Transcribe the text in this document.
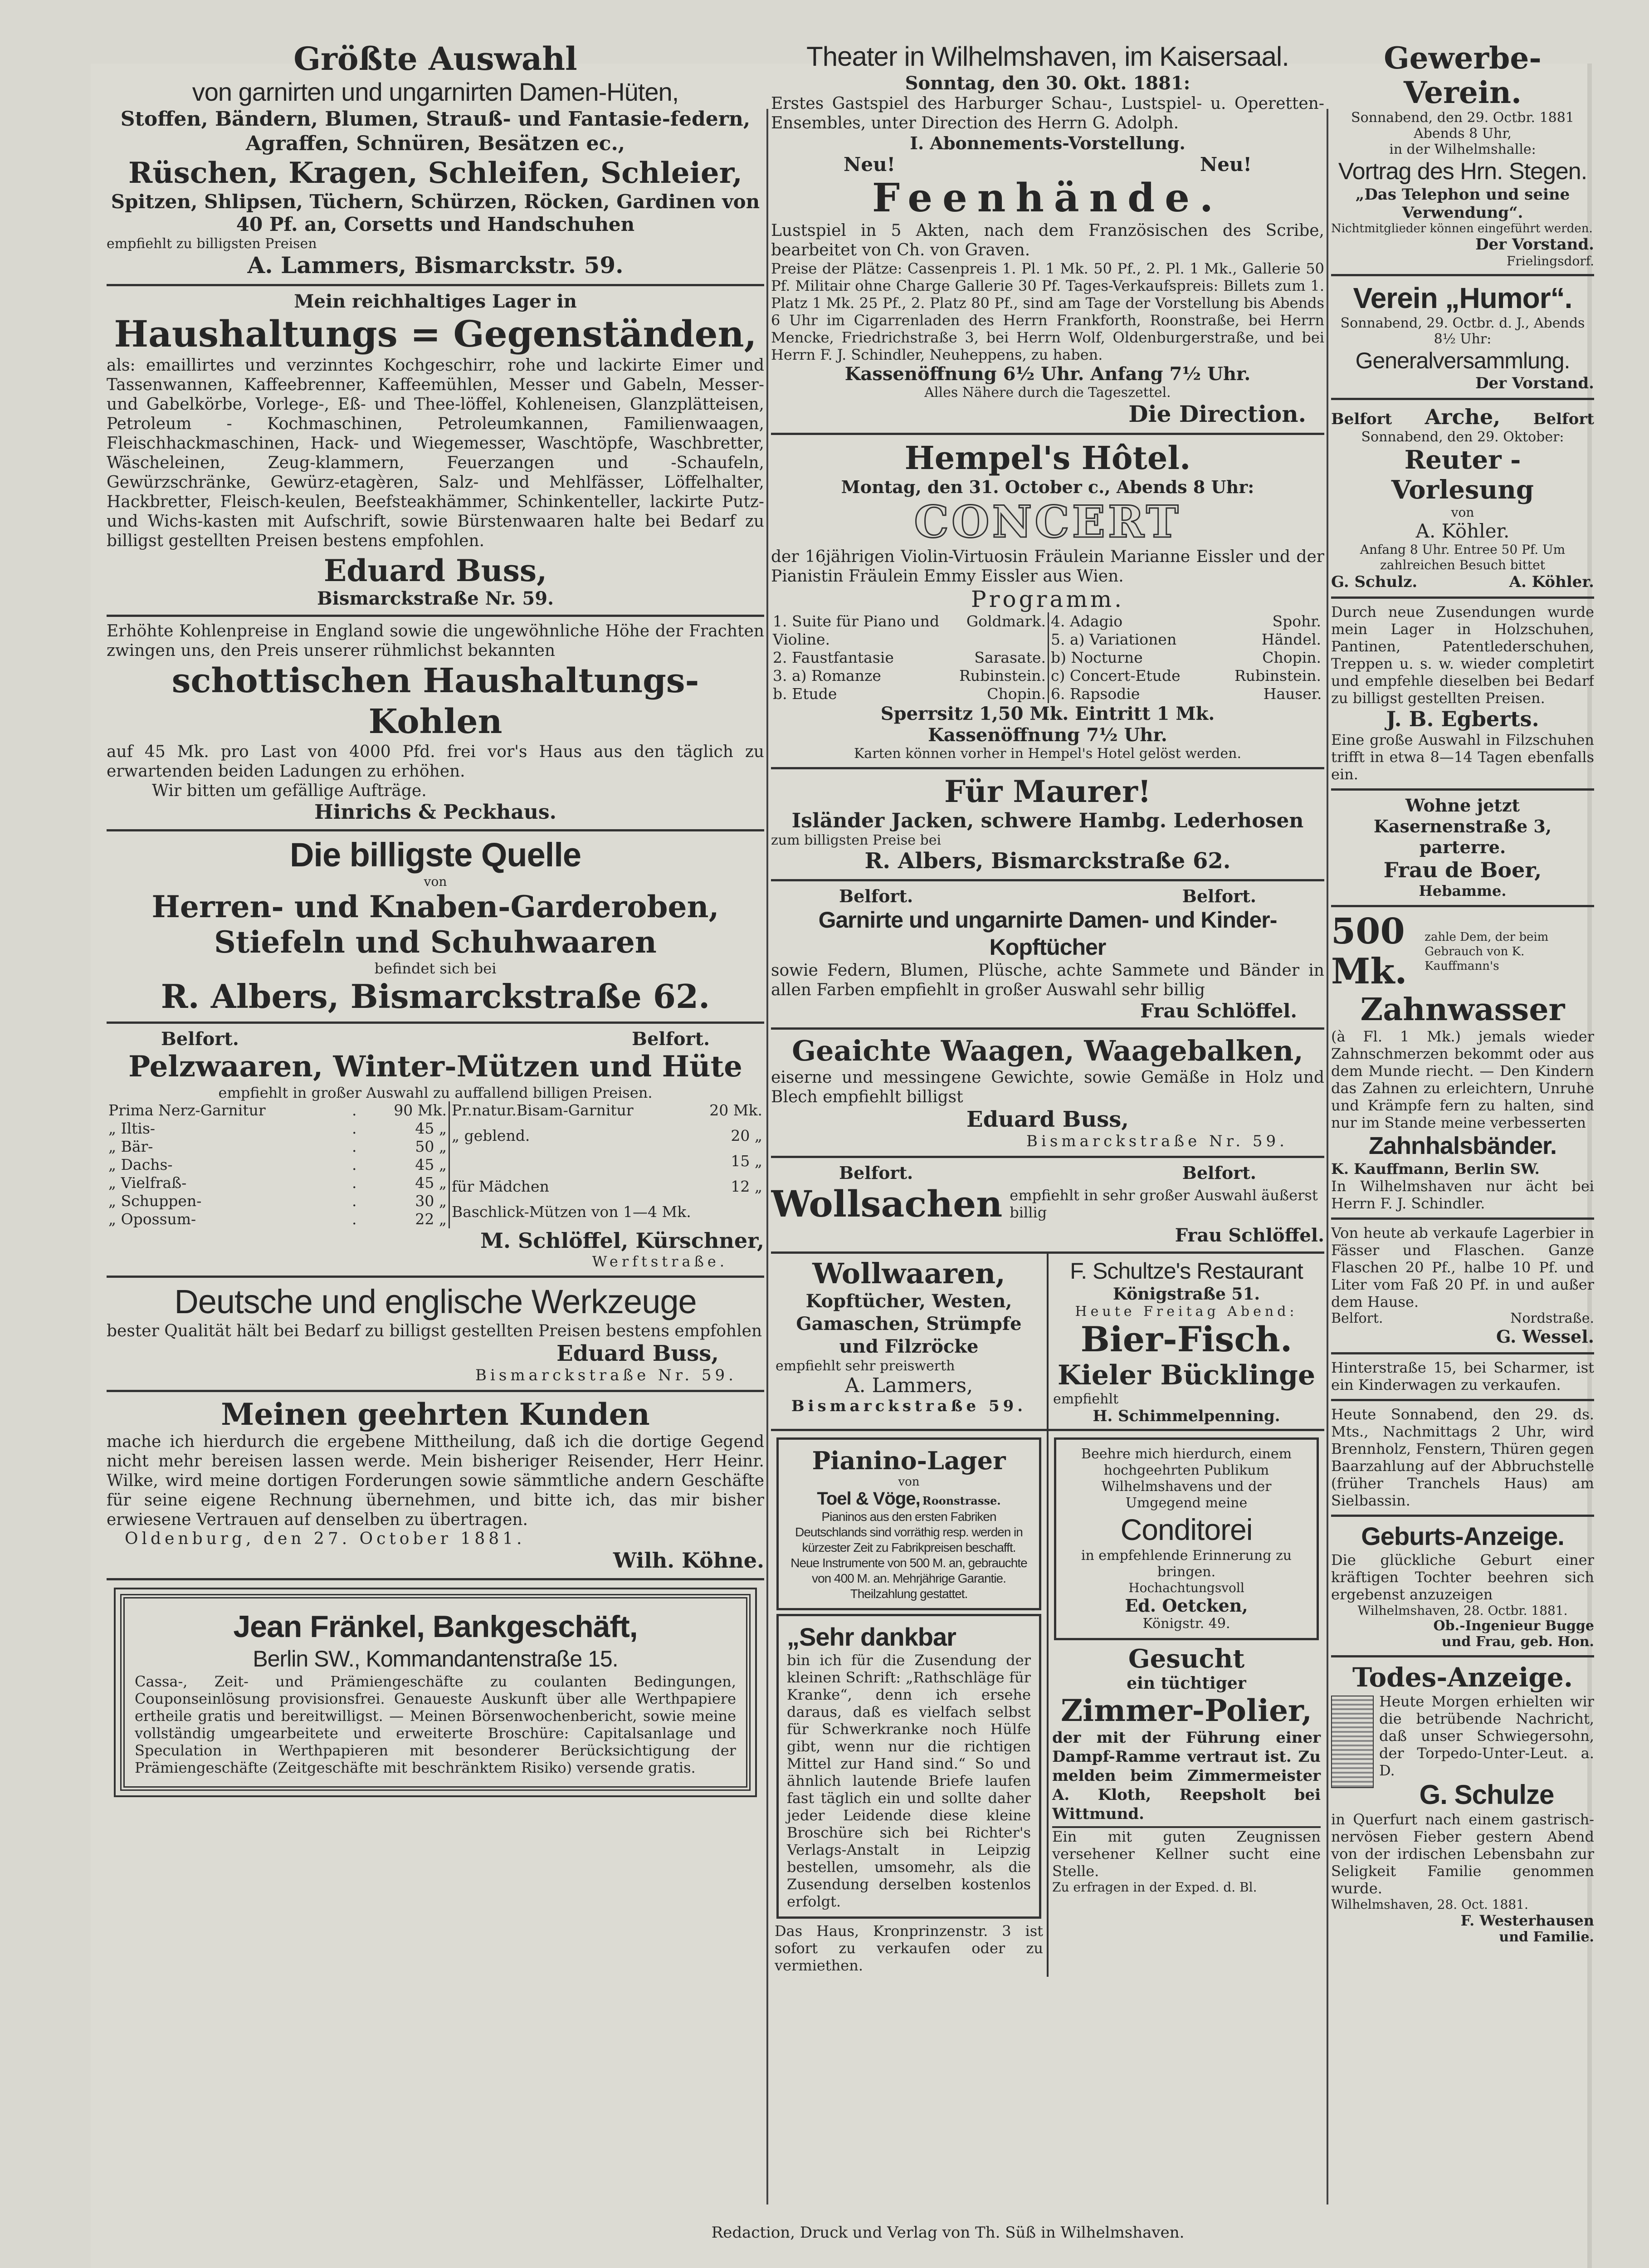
Größte Auswahl
von garnirten und ungarnirten Damen-Hüten,
Stoffen, Bändern, Blumen, Strauß- und Fantasie-federn, Agraffen, Schnüren, Besätzen ec.,
Rüschen, Kragen, Schleifen, Schleier,
Spitzen, Shlipsen, Tüchern, Schürzen, Röcken, Gardinen von 40 Pf. an, Corsetts und Handschuhen
empfiehlt zu billigsten Preisen
A. Lammers, Bismarckstr. 59.
Mein reichhaltiges Lager in
Haushaltungs = Gegenständen,

als: emaillirtes und verzinntes Kochgeschirr, rohe und lackirte Eimer und Tassenwannen, Kaffeebrenner, Kaffeemühlen, Messer und Gabeln, Messer- und Gabelkörbe, Vorlege-, Eß- und Thee-löffel, Kohleneisen, Glanzplätteisen, Petroleum - Kochmaschinen, Petroleumkannen, Familienwaagen, Fleischhackmaschinen, Hack- und Wiegemesser, Waschtöpfe, Waschbretter, Wäscheleinen, Zeug-klammern, Feuerzangen und -Schaufeln, Gewürzschränke, Gewürz-etagèren, Salz- und Mehlfässer, Löffelhalter, Hackbretter, Fleisch-keulen, Beefsteakhämmer, Schinkenteller, lackirte Putz- und Wichs-kasten mit Aufschrift, sowie Bürstenwaaren halte bei Bedarf zu billigst gestellten Preisen bestens empfohlen.

Eduard Buss,
Bismarckstraße Nr. 59.

Erhöhte Kohlenpreise in England sowie die ungewöhnliche Höhe der Frachten zwingen uns, den Preis unserer rühmlichst bekannten

schottischen Haushaltungs-Kohlen

auf 45 Mk. pro Last von 4000 Pfd. frei vor's Haus aus den täglich zu erwartenden beiden Ladungen zu erhöhen.

Wir bitten um gefällige Aufträge.

Hinrichs & Peckhaus.
Die billigste Quelle
von
Herren- und Knaben-Garderoben,
Stiefeln und Schuhwaaren
befindet sich bei
R. Albers, Bismarckstraße 62.
Belfort.	Belfort.
Pelzwaaren, Winter-Mützen und Hüte
empfiehlt in großer Auswahl zu auffallend billigen Preisen.
Prima Nerz-Garnitur	.	90 Mk.
„ Iltis-	.	45 „
„ Bär-	.	50 „
„ Dachs-	.	45 „
„ Vielfraß-	.	45 „
„ Schuppen-	.	30 „
„ Opossum-	.	22 „
Pr.natur.Bisam-Garnitur	20 Mk.
„ geblend.	20 „
	15 „
für Mädchen	12 „
Baschlick-Mützen von 1—4 Mk.	
M. Schlöffel, Kürschner,
Werftstraße.
Deutsche und englische Werkzeuge

bester Qualität hält bei Bedarf zu billigst gestellten Preisen bestens empfohlen

Eduard Buss,
Bismarckstraße Nr. 59.
Meinen geehrten Kunden

mache ich hierdurch die ergebene Mittheilung, daß ich die dortige Gegend nicht mehr bereisen lassen werde. Mein bisheriger Reisender, Herr Heinr. Wilke, wird meine dortigen Forderungen sowie sämmtliche andern Geschäfte für seine eigene Rechnung übernehmen, und bitte ich, das mir bisher erwiesene Vertrauen auf denselben zu übertragen.

Oldenburg, den 27. October 1881.
Wilh. Köhne.
Jean Fränkel, Bankgeschäft,
Berlin SW., Kommandantenstraße 15.

Cassa-, Zeit- und Prämiengeschäfte zu coulanten Bedingungen, Couponseinlösung provisionsfrei. Genaueste Auskunft über alle Werthpapiere ertheile gratis und bereitwilligst. — Meinen Börsenwochenbericht, sowie meine vollständig umgearbeitete und erweiterte Broschüre: Capitalsanlage und Speculation in Werthpapieren mit besonderer Berücksichtigung der Prämiengeschäfte (Zeitgeschäfte mit beschränktem Risiko) versende gratis.

Theater in Wilhelmshaven, im Kaisersaal.
Sonntag, den 30. Okt. 1881:

Erstes Gastspiel des Harburger Schau-, Lustspiel- u. Operetten-Ensembles, unter Direction des Herrn G. Adolph.

I. Abonnements-Vorstellung.
Neu!	Neu!
Feenhände.

Lustspiel in 5 Akten, nach dem Französischen des Scribe, bearbeitet von Ch. von Graven.

Preise der Plätze: Cassenpreis 1. Pl. 1 Mk. 50 Pf., 2. Pl. 1 Mk., Gallerie 50 Pf. Militair ohne Charge Gallerie 30 Pf. Tages-Verkaufspreis: Billets zum 1. Platz 1 Mk. 25 Pf., 2. Platz 80 Pf., sind am Tage der Vorstellung bis Abends 6 Uhr im Cigarrenladen des Herrn Frankforth, Roonstraße, bei Herrn Mencke, Friedrichstraße 3, bei Herrn Wolf, Oldenburgerstraße, und bei Herrn F. J. Schindler, Neuheppens, zu haben.

Kassenöffnung 6½ Uhr. Anfang 7½ Uhr.
Alles Nähere durch die Tageszettel.
Die Direction.
Hempel's Hôtel.
Montag, den 31. October c., Abends 8 Uhr:
CONCERT

der 16jährigen Violin-Virtuosin Fräulein Marianne Eissler und der Pianistin Fräulein Emmy Eissler aus Wien.

Programm.
1. Suite für Piano und Violine.	Goldmark.
2. Faustfantasie	Sarasate.
3. a) Romanze	Rubinstein.
b. Etude	Chopin.
4. Adagio	Spohr.
5. a) Variationen	Händel.
b) Nocturne	Chopin.
c) Concert-Etude	Rubinstein.
6. Rapsodie	Hauser.
Sperrsitz 1,50 Mk. Eintritt 1 Mk.
Kassenöffnung 7½ Uhr.
Karten können vorher in Hempel's Hotel gelöst werden.
Für Maurer!
Isländer Jacken, schwere Hambg. Lederhosen
zum billigsten Preise bei
R. Albers, Bismarckstraße 62.
Belfort.	Belfort.
Garnirte und ungarnirte Damen- und Kinder-Kopftücher

sowie Federn, Blumen, Plüsche, achte Sammete und Bänder in allen Farben empfiehlt in großer Auswahl sehr billig

Frau Schlöffel.
Geaichte Waagen, Waagebalken,

eiserne und messingene Gewichte, sowie Gemäße in Holz und Blech empfiehlt billigst

Eduard Buss,
Bismarckstraße Nr. 59.
Belfort.	Belfort.
Wollsachen empfiehlt in sehr großer Auswahl äußerst billig
Frau Schlöffel.
Wollwaaren,
Kopftücher, Westen, Gamaschen, Strümpfe und Filzröcke
empfiehlt sehr preiswerth
A. Lammers,
Bismarckstraße 59.
F. Schultze's Restaurant
Königstraße 51.
Heute Freitag Abend:
Bier-Fisch.
Kieler Bücklinge
empfiehlt
H. Schimmelpenning.
Pianino-Lager
von
Toel & Vöge, Roonstrasse.
Pianinos aus den ersten Fabriken Deutschlands sind vorräthig resp. werden in kürzester Zeit zu Fabrikpreisen beschafft. Neue Instrumente von 500 M. an, gebrauchte von 400 M. an. Mehrjährige Garantie. Theilzahlung gestattet.
„Sehr dankbar

bin ich für die Zusendung der kleinen Schrift: „Rathschläge für Kranke“, denn ich ersehe daraus, daß es vielfach selbst für Schwerkranke noch Hülfe gibt, wenn nur die richtigen Mittel zur Hand sind.“ So und ähnlich lautende Briefe laufen fast täglich ein und sollte daher jeder Leidende diese kleine Broschüre sich bei Richter's Verlags-Anstalt in Leipzig bestellen, umsomehr, als die Zusendung derselben kostenlos erfolgt.

Das Haus, Kronprinzenstr. 3 ist sofort zu verkaufen oder zu vermiethen.

Beehre mich hierdurch, einem hochgeehrten Publikum Wilhelmshavens und der Umgegend meine
Conditorei
in empfehlende Erinnerung zu bringen.
Hochachtungsvoll
Ed. Oetcken,
Königstr. 49.
Gesucht
ein tüchtiger
Zimmer-Polier,

der mit der Führung einer Dampf-Ramme vertraut ist. Zu melden beim Zimmermeister A. Kloth, Reepsholt bei Wittmund.

Ein mit guten Zeugnissen versehener Kellner sucht eine Stelle.

Zu erfragen in der Exped. d. Bl.
Gewerbe-Verein.
Sonnabend, den 29. Octbr. 1881
Abends 8 Uhr,
in der Wilhelmshalle:
Vortrag des Hrn. Stegen.
„Das Telephon und seine Verwendung“.
Nichtmitglieder können eingeführt werden.
Der Vorstand.
Frielingsdorf.
Verein „Humor“.
Sonnabend, 29. Octbr. d. J., Abends 8½ Uhr:
Generalversammlung.
Der Vorstand.
Belfort Arche, Belfort
Sonnabend, den 29. Oktober:
Reuter - Vorlesung
von
A. Köhler.
Anfang 8 Uhr. Entree 50 Pf. Um zahlreichen Besuch bittet
G. Schulz.	A. Köhler.

Durch neue Zusendungen wurde mein Lager in Holzschuhen, Pantinen, Patentlederschuhen, Treppen u. s. w. wieder completirt und empfehle dieselben bei Bedarf zu billigst gestellten Preisen.

J. B. Egberts.

Eine große Auswahl in Filzschuhen trifft in etwa 8—14 Tagen ebenfalls ein.

Wohne jetzt Kasernenstraße 3, parterre.
Frau de Boer,
Hebamme.
500 Mk.
zahle Dem, der beim Gebrauch von K. Kauffmann's
Zahnwasser

(à Fl. 1 Mk.) jemals wieder Zahnschmerzen bekommt oder aus dem Munde riecht. — Den Kindern das Zahnen zu erleichtern, Unruhe und Krämpfe fern zu halten, sind nur im Stande meine verbesserten

Zahnhalsbänder.
K. Kauffmann, Berlin SW.

In Wilhelmshaven nur ächt bei Herrn F. J. Schindler.

Von heute ab verkaufe Lagerbier in Fässer und Flaschen. Ganze Flaschen 20 Pf., halbe 10 Pf. und Liter vom Faß 20 Pf. in und außer dem Hause.

Belfort.	Nordstraße.
G. Wessel.

Hinterstraße 15, bei Scharmer, ist ein Kinderwagen zu verkaufen.

Heute Sonnabend, den 29. ds. Mts., Nachmittags 2 Uhr, wird Brennholz, Fenstern, Thüren gegen Baarzahlung auf der Abbruchstelle (früher Tranchels Haus) am Sielbassin.

Geburts-Anzeige.

Die glückliche Geburt einer kräftigen Tochter beehren sich ergebenst anzuzeigen

Wilhelmshaven, 28. Octbr. 1881.
Ob.-Ingenieur Bugge
und Frau, geb. Hon.
Todes-Anzeige.

Heute Morgen erhielten wir die betrübende Nachricht, daß unser Schwiegersohn, der Torpedo-Unter-Leut. a. D.

G. Schulze

in Querfurt nach einem gastrisch-nervösen Fieber gestern Abend von der irdischen Lebensbahn zur Seligkeit Familie genommen wurde.

Wilhelmshaven, 28. Oct. 1881.
F. Westerhausen
und Familie.
Redaction, Druck und Verlag von Th. Süß in Wilhelmshaven.
